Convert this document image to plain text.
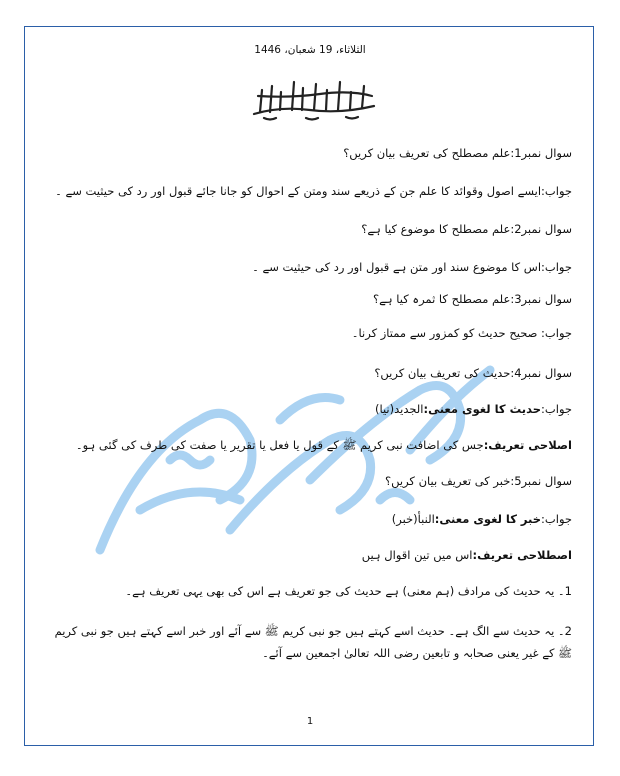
الثلاثاء، 19 شعبان، 1446
سوال نمبر1:علم مصطلح کی تعریف بیان کریں؟
جواب:ایسے اصول وقوائد کا علم جن کے ذریعے سند ومتن کے احوال کو جانا جائے قبول اور رد کی حیثیت سے ۔
سوال نمبر2:علم مصطلح کا موضوع کیا ہے؟
جواب:اس کا موضوع سند اور متن ہے قبول اور رد کی حیثیت سے ۔
سوال نمبر3:علم مصطلح کا ثمرہ کیا ہے؟
جواب: صحیح حدیث کو کمزور سے ممتاز کرنا۔
سوال نمبر4:حدیث کی تعریف بیان کریں؟
جواب:حدیث کا لغوی معنی:الجدید(نیا)
اصلاحی تعریف:جس کی اضافت نبی کریم ﷺ کے قول یا فعل یا تقریر یا صفت کی طرف کی گئی ہو۔
سوال نمبر5:خبر کی تعریف بیان کریں؟
جواب:خبر کا لغوی معنی:النبأ(خبر)
اصطلاحی تعریف:اس میں تین اقوال ہیں
1۔ یہ حدیث کی مرادف (ہم معنی) ہے حدیث کی جو تعریف ہے اس کی بھی یہی تعریف ہے۔
2۔ یہ حدیث سے الگ ہے۔ حدیث اسے کہتے ہیں جو نبی کریم ﷺ سے آئے اور خبر اسے کہتے ہیں جو نبی کریم ﷺ کے غیر یعنی صحابہ و تابعین رضی اللہ تعالیٰ اجمعین سے آئے۔
1
